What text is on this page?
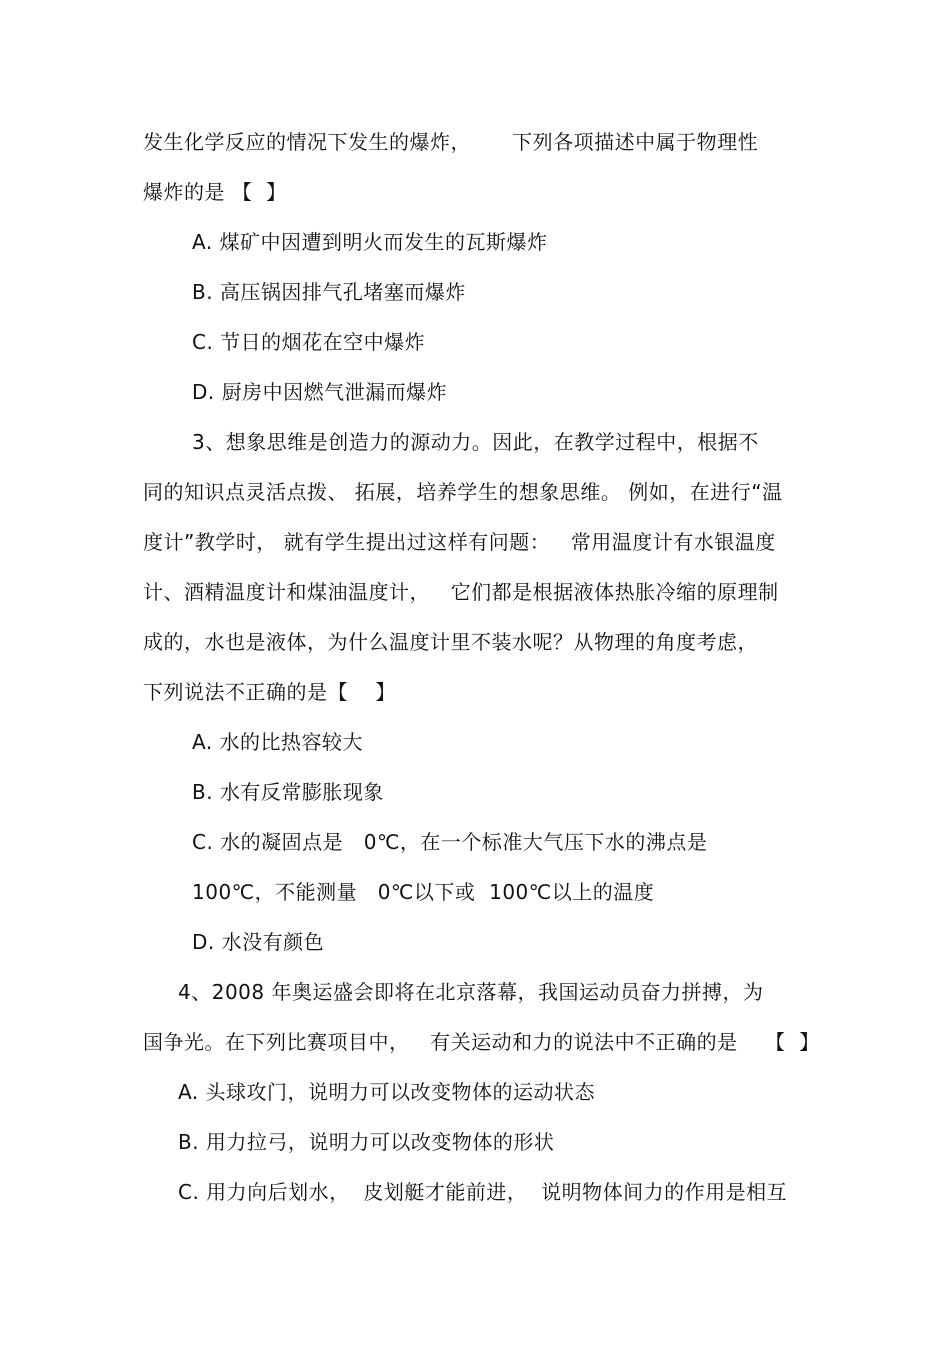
发生化学反应的情况下发生的爆炸，      下列各项描述中属于物理性
爆炸的是 【  】
A. 煤矿中因遭到明火而发生的瓦斯爆炸
B. 高压锅因排气孔堵塞而爆炸
C. 节日的烟花在空中爆炸
D. 厨房中因燃气泄漏而爆炸
3、想象思维是创造力的源动力。因此，在教学过程中，根据不
同的知识点灵活点拨、 拓展，培养学生的想象思维。 例如，在进行“温
度计”教学时， 就有学生提出过这样有问题：   常用温度计有水银温度
计、酒精温度计和煤油温度计，   它们都是根据液体热胀冷缩的原理制
成的，水也是液体，为什么温度计里不装水呢？从物理的角度考虑，
下列说法不正确的是【    】
A. 水的比热容较大
B. 水有反常膨胀现象
C. 水的凝固点是   0℃，在一个标准大气压下水的沸点是
100℃，不能测量   0℃以下或  100℃以上的温度
D. 水没有颜色
4、2008 年奥运盛会即将在北京落幕，我国运动员奋力拼搏，为
国争光。在下列比赛项目中，   有关运动和力的说法中不正确的是    【  】
A. 头球攻门，说明力可以改变物体的运动状态
B. 用力拉弓，说明力可以改变物体的形状
C. 用力向后划水，  皮划艇才能前进，  说明物体间力的作用是相互
